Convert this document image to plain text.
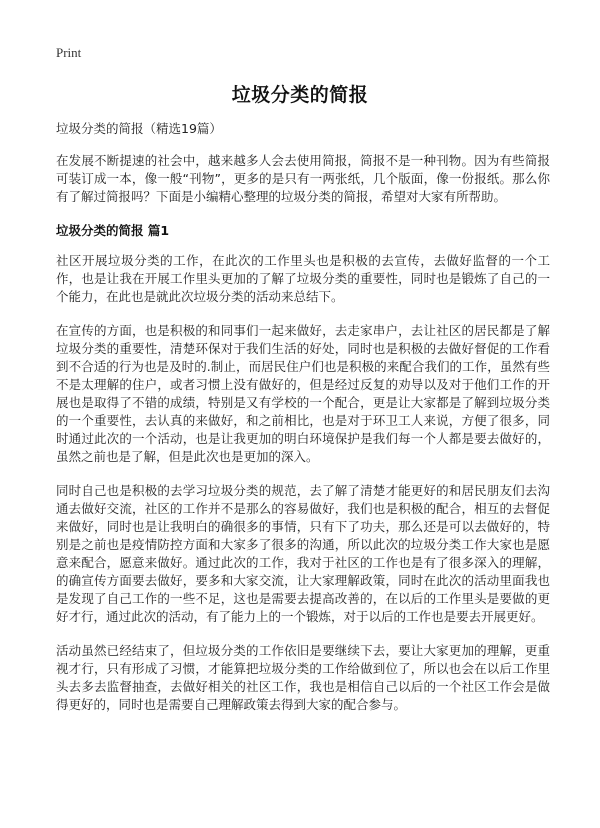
Print
垃圾分类的简报

垃圾分类的简报（精选19篇）

在发展不断提速的社会中，越来越多人会去使用简报，简报不是一种刊物。因为有些简报可装订成一本，像一般“刊物”，更多的是只有一两张纸，几个版面，像一份报纸。那么你有了解过简报吗？下面是小编精心整理的垃圾分类的简报，希望对大家有所帮助。

垃圾分类的简报 篇1

社区开展垃圾分类的工作，在此次的工作里头也是积极的去宣传，去做好监督的一个工作，也是让我在开展工作里头更加的了解了垃圾分类的重要性，同时也是锻炼了自己的一个能力，在此也是就此次垃圾分类的活动来总结下。

在宣传的方面，也是积极的和同事们一起来做好，去走家串户，去让社区的居民都是了解垃圾分类的重要性，清楚环保对于我们生活的好处，同时也是积极的去做好督促的工作看到不合适的行为也是及时的.制止，而居民住户们也是积极的来配合我们的工作，虽然有些不是太理解的住户，或者习惯上没有做好的，但是经过反复的劝导以及对于他们工作的开展也是取得了不错的成绩，特别是又有学校的一个配合，更是让大家都是了解到垃圾分类的一个重要性，去认真的来做好，和之前相比，也是对于环卫工人来说，方便了很多，同时通过此次的一个活动，也是让我更加的明白环境保护是我们每一个人都是要去做好的，虽然之前也是了解，但是此次也是更加的深入。

同时自己也是积极的去学习垃圾分类的规范，去了解了清楚才能更好的和居民朋友们去沟通去做好交流，社区的工作并不是那么的容易做好，我们也是积极的配合，相互的去督促来做好，同时也是让我明白的确很多的事情，只有下了功夫，那么还是可以去做好的，特别是之前也是疫情防控方面和大家多了很多的沟通，所以此次的垃圾分类工作大家也是愿意来配合，愿意来做好。通过此次的工作，我对于社区的工作也是有了很多深入的理解，的确宣传方面要去做好，要多和大家交流，让大家理解政策，同时在此次的活动里面我也是发现了自己工作的一些不足，这也是需要去提高改善的，在以后的工作里头是要做的更好才行，通过此次的活动，有了能力上的一个锻炼，对于以后的工作也是要去开展更好。

活动虽然已经结束了，但垃圾分类的工作依旧是要继续下去，要让大家更加的理解，更重视才行，只有形成了习惯，才能算把垃圾分类的工作给做到位了，所以也会在以后工作里头去多去监督抽查，去做好相关的社区工作，我也是相信自己以后的一个社区工作会是做得更好的，同时也是需要自己理解政策去得到大家的配合参与。
